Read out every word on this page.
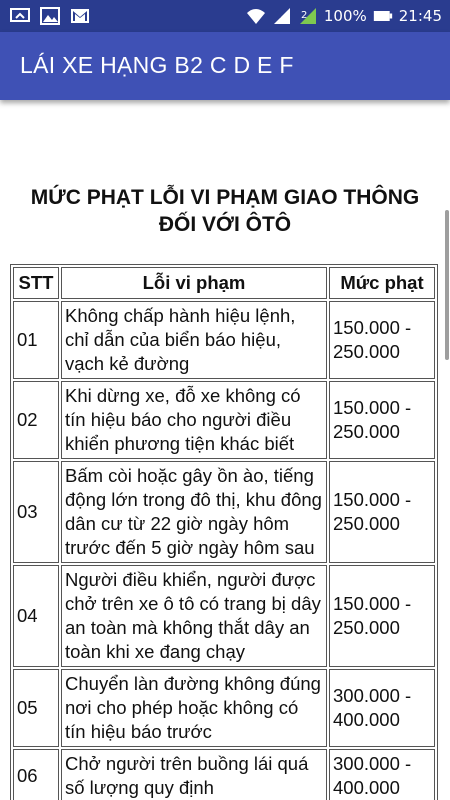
1 2 100% 21:45
LÁI XE HẠNG B2 C D E F
MỨC PHẠT LỖI VI PHẠM GIAO THÔNG
ĐỐI VỚI ÔTÔ
STT	Lỗi vi phạm	Mức phạt
01	Không chấp hành hiệu lệnh, chỉ dẫn của biển báo hiệu, vạch kẻ đường	150.000 - 250.000
02	Khi dừng xe, đỗ xe không có tín hiệu báo cho người điều khiển phương tiện khác biết	150.000 - 250.000
03	Bấm còi hoặc gây ồn ào, tiếng động lớn trong đô thị, khu đông dân cư từ 22 giờ ngày hôm trước đến 5 giờ ngày hôm sau	150.000 - 250.000
04	Người điều khiển, người được chở trên xe ô tô có trang bị dây an toàn mà không thắt dây an toàn khi xe đang chạy	150.000 - 250.000
05	Chuyển làn đường không đúng nơi cho phép hoặc không có tín hiệu báo trước	300.000 - 400.000
06	Chở người trên buồng lái quá số lượng quy định	300.000 - 400.000
